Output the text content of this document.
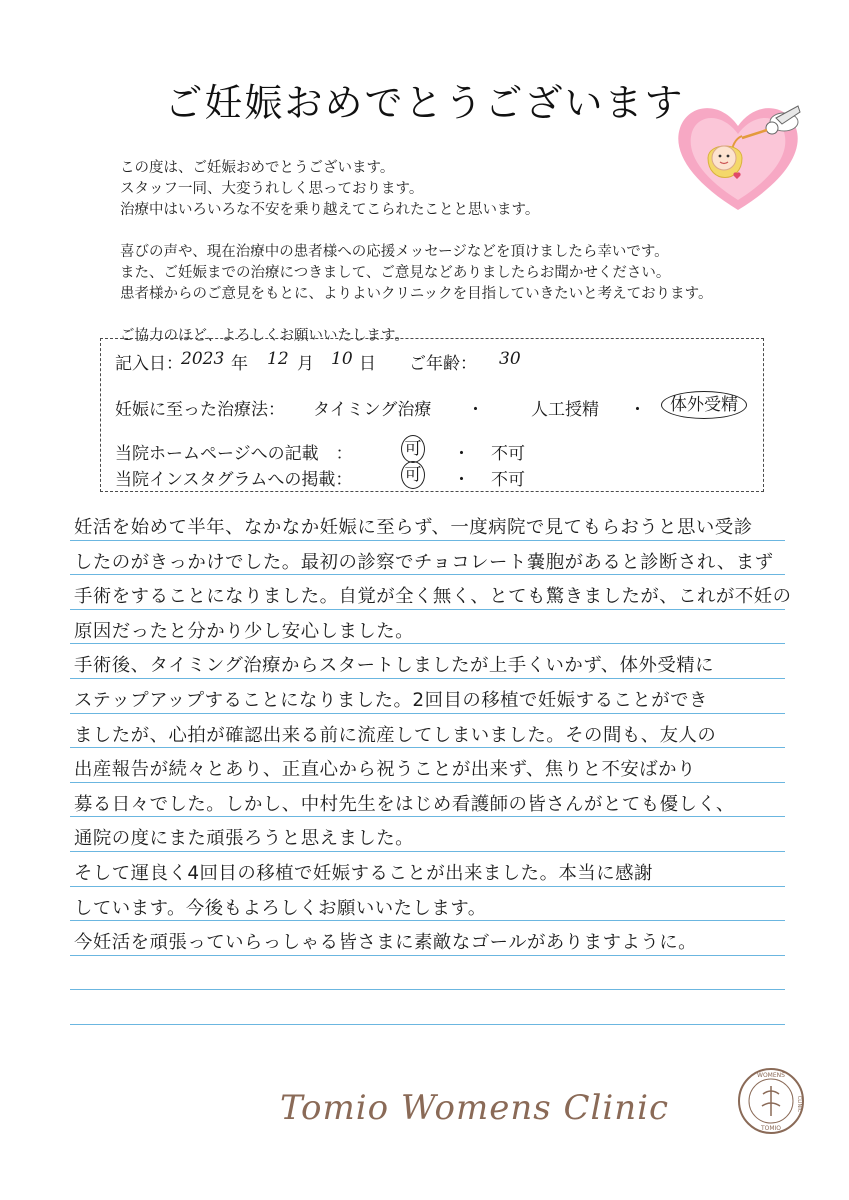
ご妊娠おめでとうございます

この度は、ご妊娠おめでとうございます。

スタッフ一同、大変うれしく思っております。

治療中はいろいろな不安を乗り越えてこられたことと思います。

喜びの声や、現在治療中の患者様への応援メッセージなどを頂けましたら幸いです。

また、ご妊娠までの治療につきまして、ご意見などありましたらお聞かせください。

患者様からのご意見をもとに、よりよいクリニックを目指していきたいと考えております。

ご協力のほど、よろしくお願いいたします。

記入日：
2023 年 12 月 10 日 ご年齢： 30
妊娠に至った治療法： タイミング治療 ・	人工授精 ・	体外受精
当院ホームページへの記載　：	可 ・ 不可
当院インスタグラムへの掲載：	可 ・ 不可
妊活を始めて半年、なかなか妊娠に至らず、一度病院で見てもらおうと思い受診
したのがきっかけでした。最初の診察でチョコレート嚢胞があると診断され、まず
手術をすることになりました。自覚が全く無く、とても驚きましたが、これが不妊の
原因だったと分かり少し安心しました。
手術後、タイミング治療からスタートしましたが上手くいかず、体外受精に
ステップアップすることになりました。2回目の移植で妊娠することができ
ましたが、心拍が確認出来る前に流産してしまいました。その間も、友人の
出産報告が続々とあり、正直心から祝うことが出来ず、焦りと不安ばかり
募る日々でした。しかし、中村先生をはじめ看護師の皆さんがとても優しく、
通院の度にまた頑張ろうと思えました。
そして運良く4回目の移植で妊娠することが出来ました。本当に感謝
しています。今後もよろしくお願いいたします。
今妊活を頑張っていらっしゃる皆さまに素敵なゴールがありますように。
Tomio Womens Clinic
WOMENS
CLINIC
TOMIO
